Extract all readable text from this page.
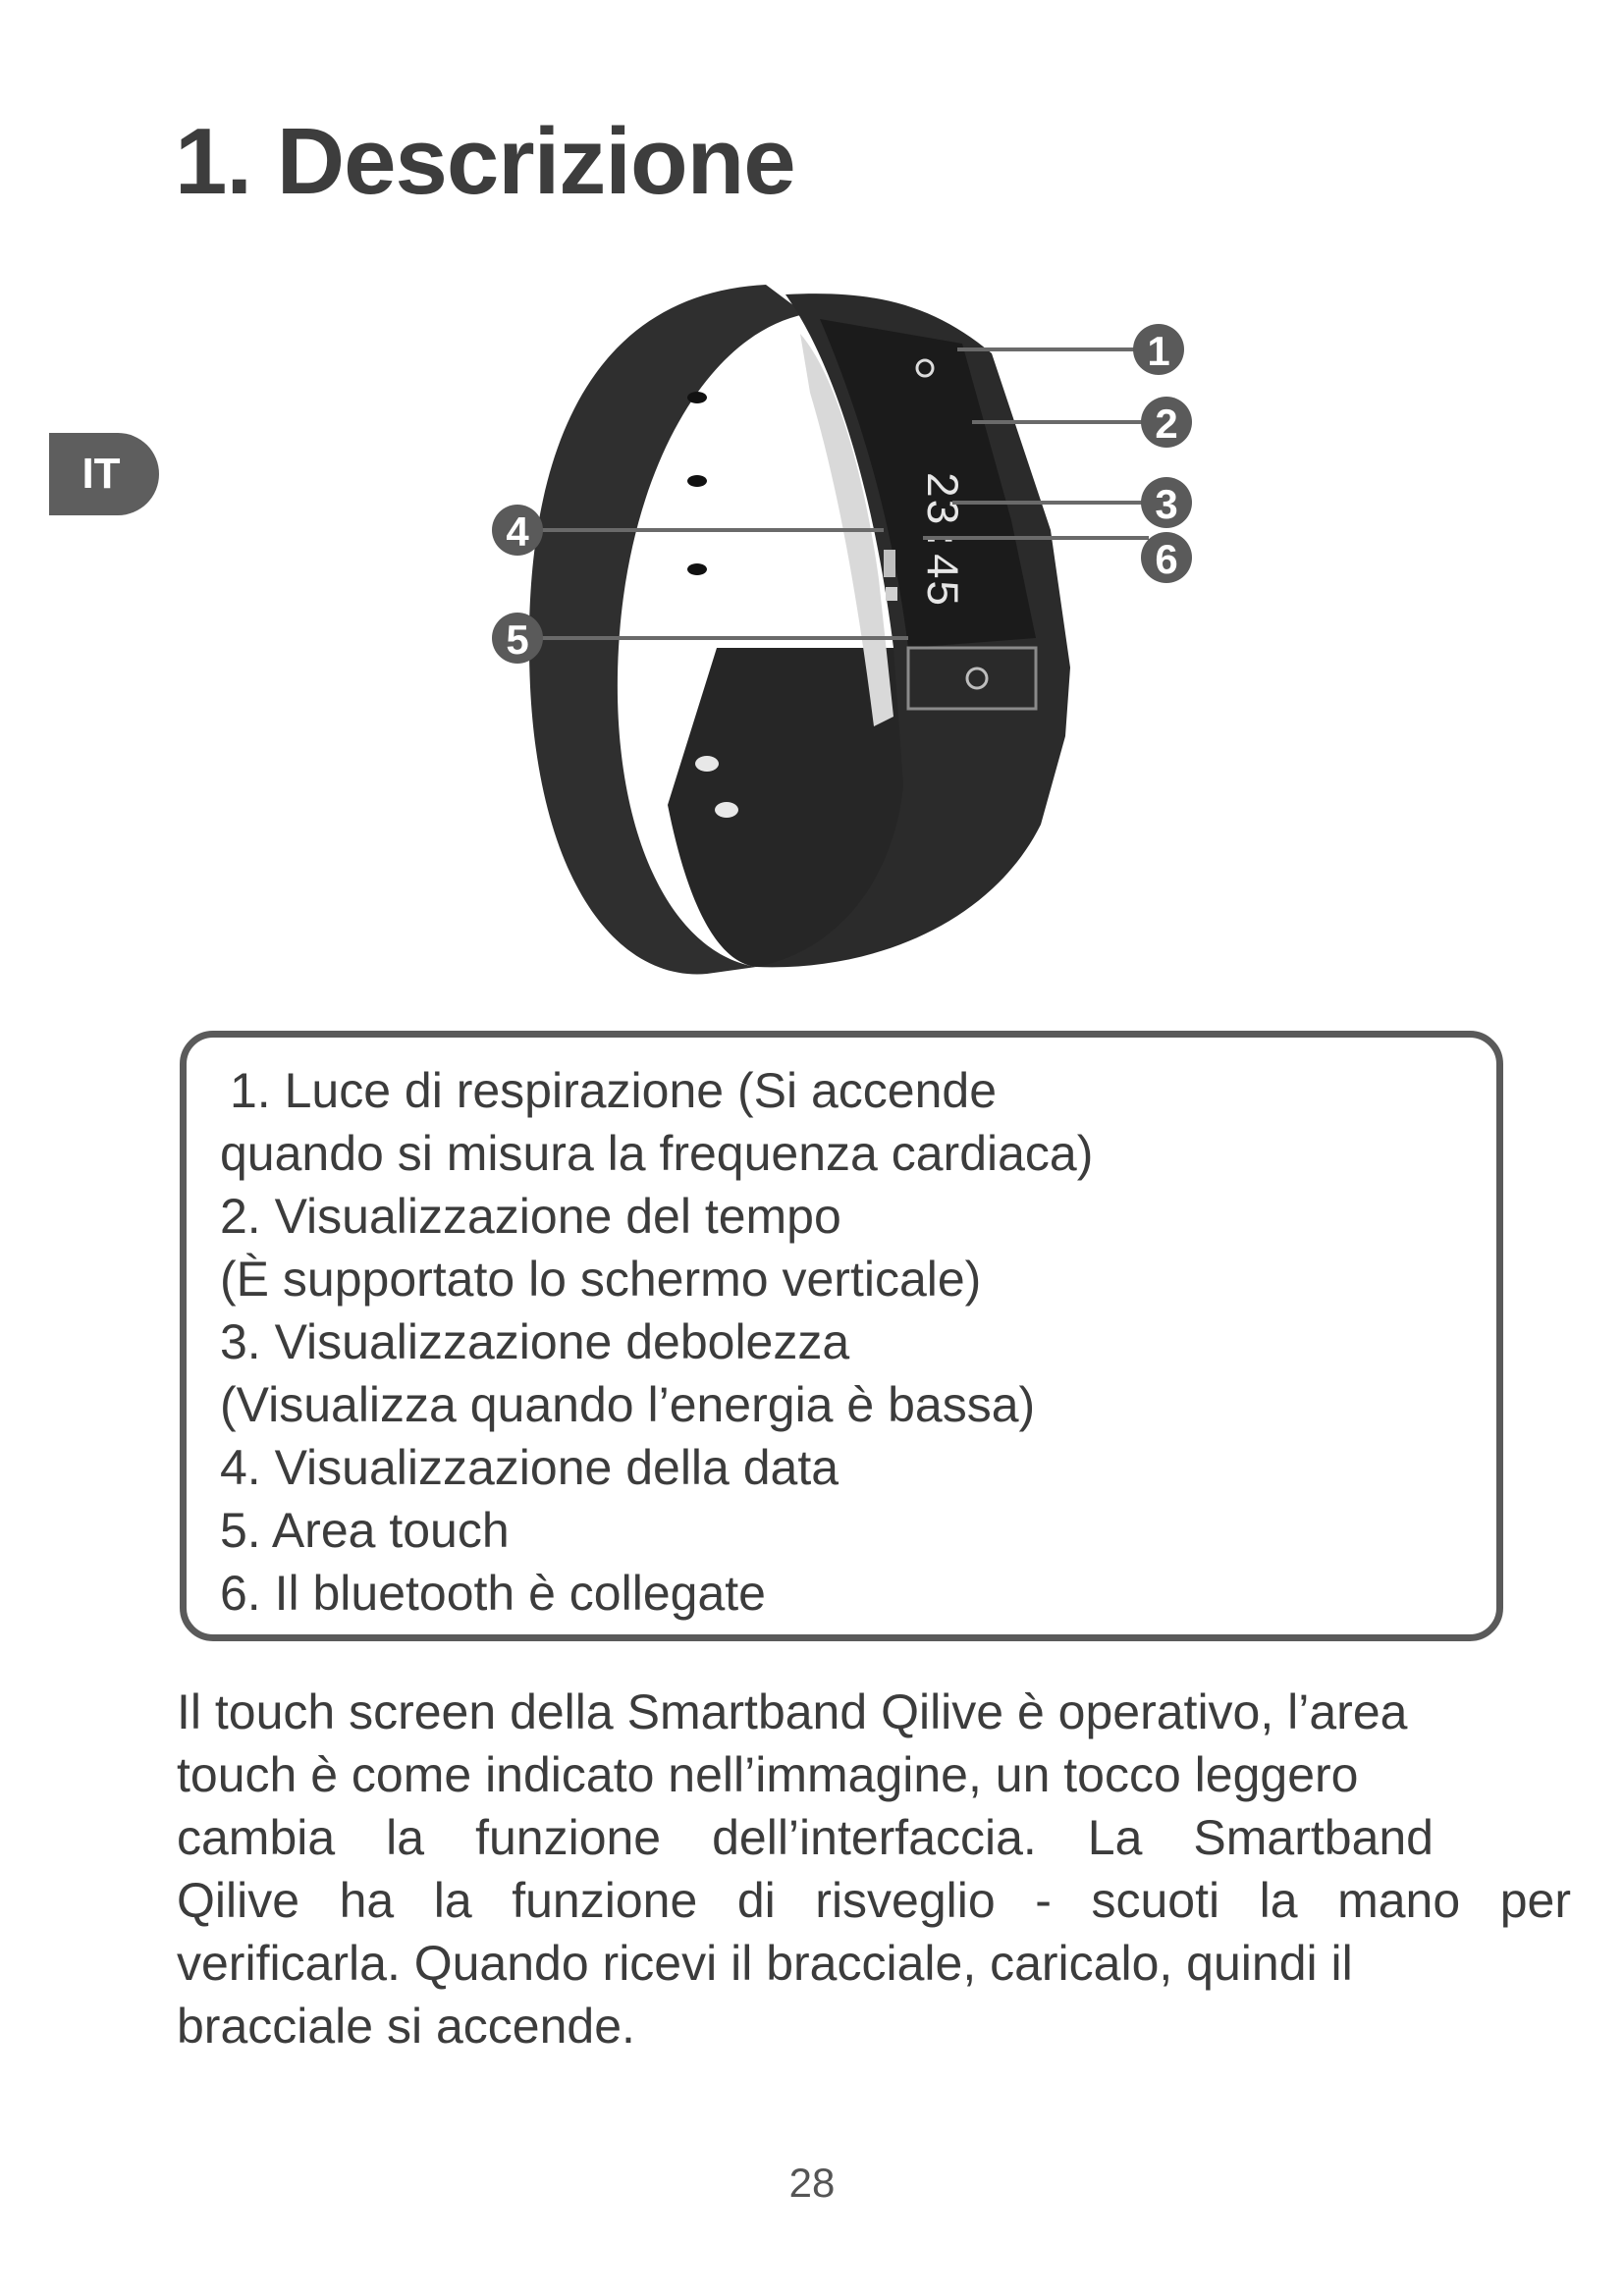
1. Descrizione
IT	23:45
1
2
3
4
5
6
1. Luce di respirazione (Si accende
quando si misura la frequenza cardiaca)
2. Visualizzazione del tempo
(È supportato lo schermo verticale)
3. Visualizzazione debolezza
(Visualizza quando l’energia è bassa)
4. Visualizzazione della data
5. Area touch
6. Il bluetooth è collegate
Il touch screen della Smartband Qilive è operativo, l’area
touch è come indicato nell’immagine, un tocco leggero
cambia la funzione dell’interfaccia. La Smartband
Qilive ha la funzione di risveglio - scuoti la mano per
verificarla. Quando ricevi il bracciale, caricalo, quindi il
bracciale si accende.
28
